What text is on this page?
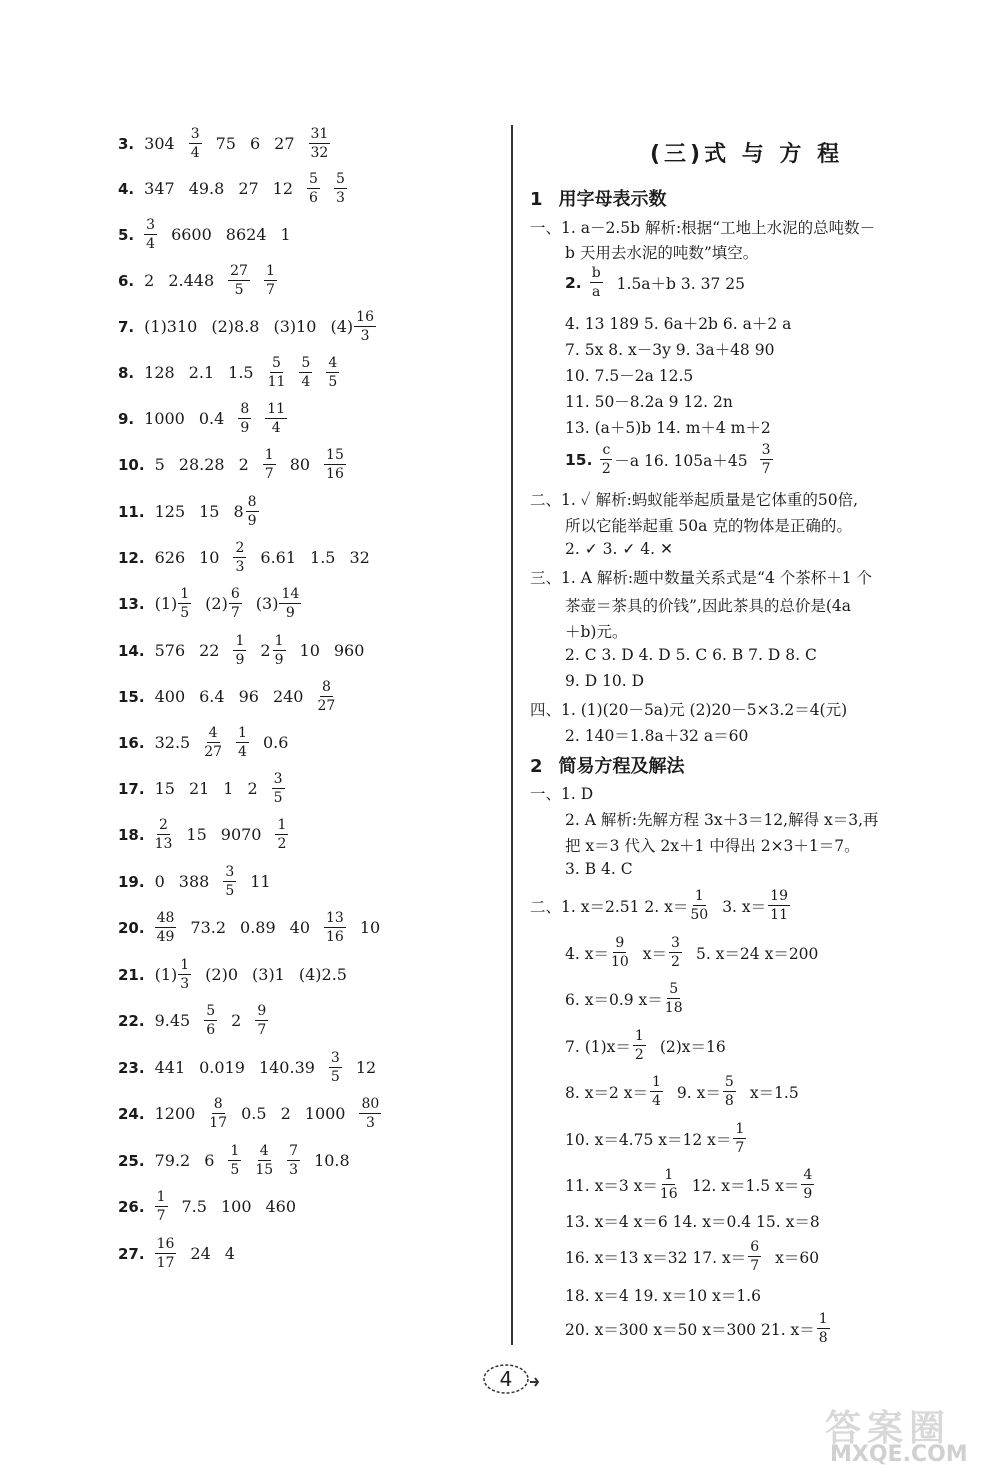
3. $304 \frac{3}{4} 75$ 6 $27 \frac{31}{32}$
4. 347 49.8 27 $12 \frac{5}{6} \frac{5}{3}$
5. $\frac{3}{4} 6600$ 8624 1
6. 2 $2.448 \frac{27}{5} \frac{1}{7}$
7. (1)310 (2)8.8 (3)10 $(4) \frac{16}{3}$
8. 128 2.1 $1.5 \frac{5}{11} \frac{5}{4} \frac{4}{5}$
9. 1000 $0.4 \frac{8}{9} \frac{11}{4}$
10. 5 28.28 $2 \frac{1}{7} 80 \frac{15}{16}$
11. 125 15 $8 \frac{8}{9}$
12. 626 $10 \frac{2}{3} 6.61$ 1.5 32
13. $(1) \frac{1}{5} (2) \frac{6}{7} (3) \frac{14}{9}$
14. 576 $22 \frac{1}{9} 2 \frac{1}{9} 10$ 960
15. 400 6.4 96 $240 \frac{8}{27}$
16. $32.5 \frac{4}{27} \frac{1}{4} 0.6$
17. 15 21 1 $2 \frac{3}{5}$
18. $\frac{2}{13} 15$ $9070 \frac{1}{2}$
19. 0 $388 \frac{3}{5} 11$
20. $\frac{48}{49} 73.2$ 0.89 $40 \frac{13}{16} 10$
21. $(1) \frac{1}{3} (2)0$ (3)1 (4)2.5
22. $9.45 \frac{5}{6} 2 \frac{9}{7}$
23. 441 0.019 $140.39 \frac{3}{5} 12$
24. $1200 \frac{8}{17} 0.5$ 2 $1000 \frac{80}{3}$
25. 79.2 $6 \frac{1}{5} \frac{4}{15} \frac{7}{3} 10.8$
26. $\frac{1}{7} 7.5$ 100 460
27. $\frac{16}{17} 24$ 4
(三)式 与 方 程
1 用字母表示数
一、1. a－2.5b 解析:根据“工地上水泥的总吨数－
b 天用去水泥的吨数”填空。
2. $\frac{b}{a} 1.5a+b$ 3. 37 25
4. 13 189 5. 6a＋2b 6. a＋2 a
7. 5x 8. x－3y 9. 3a＋48 90
10. 7.5－2a 12.5
11. 50－8.2a 9 12. 2n
13. (a＋5)b 14. m＋4 m＋2
15. $\frac{c}{2} -a$ 16. $105a+45 \frac{3}{7}$
二、1. ✓ 解析:蚂蚁能举起质量是它体重的50倍,
所以它能举起重 50a 克的物体是正确的。
2. ✓ 3. ✓ 4. ✕
三、1. A 解析:题中数量关系式是“4 个茶杯＋1 个
茶壶＝茶具的价钱”,因此茶具的总价是(4a
＋b)元。
2. C 3. D 4. D 5. C 6. B 7. D 8. C
9. D 10. D
四、1. (1)(20－5a)元 (2)20－5×3.2＝4(元)
2. 140＝1.8a＋32 a＝60
2 简易方程及解法
一、1. D
2. A 解析:先解方程 3x＋3＝12,解得 x＝3,再
把 x＝3 代入 2x＋1 中得出 2×3＋1＝7。
3. B 4. C
二、1. x＝2.51 2. $x= \frac{1}{50} 3$. $x= \frac{19}{11}$
4. $x= \frac{9}{10} x= \frac{3}{2} 5$. x＝24 x＝200
6. x＝0.9 $x= \frac{5}{18}$
7. $(1)x= \frac{1}{2} (2)x=16$
8. x＝2 $x= \frac{1}{4} 9$. $x= \frac{5}{8} x=1.5$
10. x＝4.75 x＝12 $x= \frac{1}{7}$
11. x＝3 $x= \frac{1}{16} 12$. x＝1.5 $x= \frac{4}{9}$
13. x＝4 x＝6 14. x＝0.4 15. x＝8
16. x＝13 x＝32 17. $x= \frac{6}{7} x=60$
18. x＝4 19. x＝10 x＝1.6
20. x＝300 x＝50 x＝300 21. $x= \frac{1}{8}$
4
答案圈
MXQE.COM
